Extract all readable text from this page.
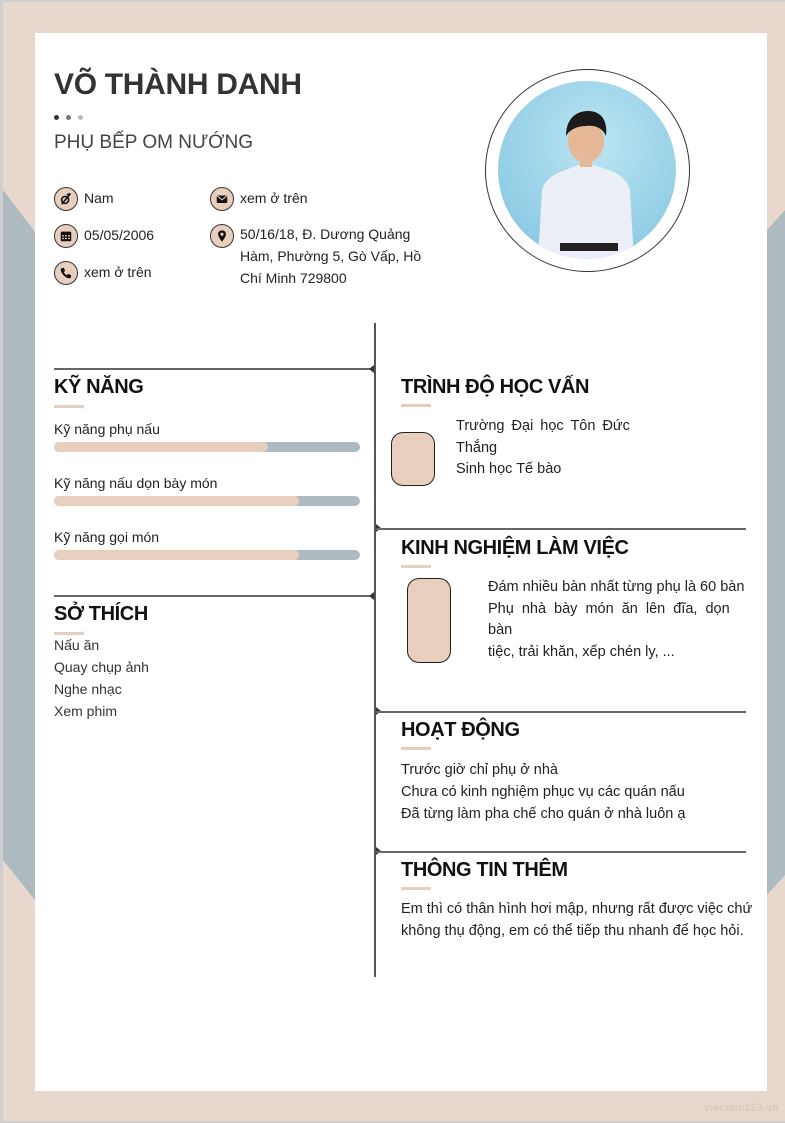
VÕ THÀNH DANH
PHỤ BẾP OM NƯỚNG
Nam
05/05/2006
xem ở trên
xem ở trên
50/16/18, Đ. Dương Quảng
Hàm, Phường 5, Gò Vấp, Hồ
Chí Minh 729800
KỸ NĂNG
Kỹ năng phụ nấu
Kỹ năng nấu dọn bày món
Kỹ năng gọi món
SỞ THÍCH
Nấu ăn
Quay chụp ảnh
Nghe nhạc
Xem phim
TRÌNH ĐỘ HỌC VẤN
Trường Đại học Tôn Đức
Thắng
Sinh học Tế bào
KINH NGHIỆM LÀM VIỆC
Đám nhiều bàn nhất từng phụ là 60 bàn
Phụ nhà bày món ăn lên đĩa, dọn bàn
tiệc, trải khăn, xếp chén ly, ...
HOẠT ĐỘNG
Trước giờ chỉ phụ ở nhà
Chưa có kinh nghiệm phục vụ các quán nấu
Đã từng làm pha chế cho quán ở nhà luôn ạ
THÔNG TIN THÊM
Em thì có thân hình hơi mập, nhưng rất được việc chứ
không thụ động, em có thể tiếp thu nhanh để học hỏi.
vieclam123.vn
